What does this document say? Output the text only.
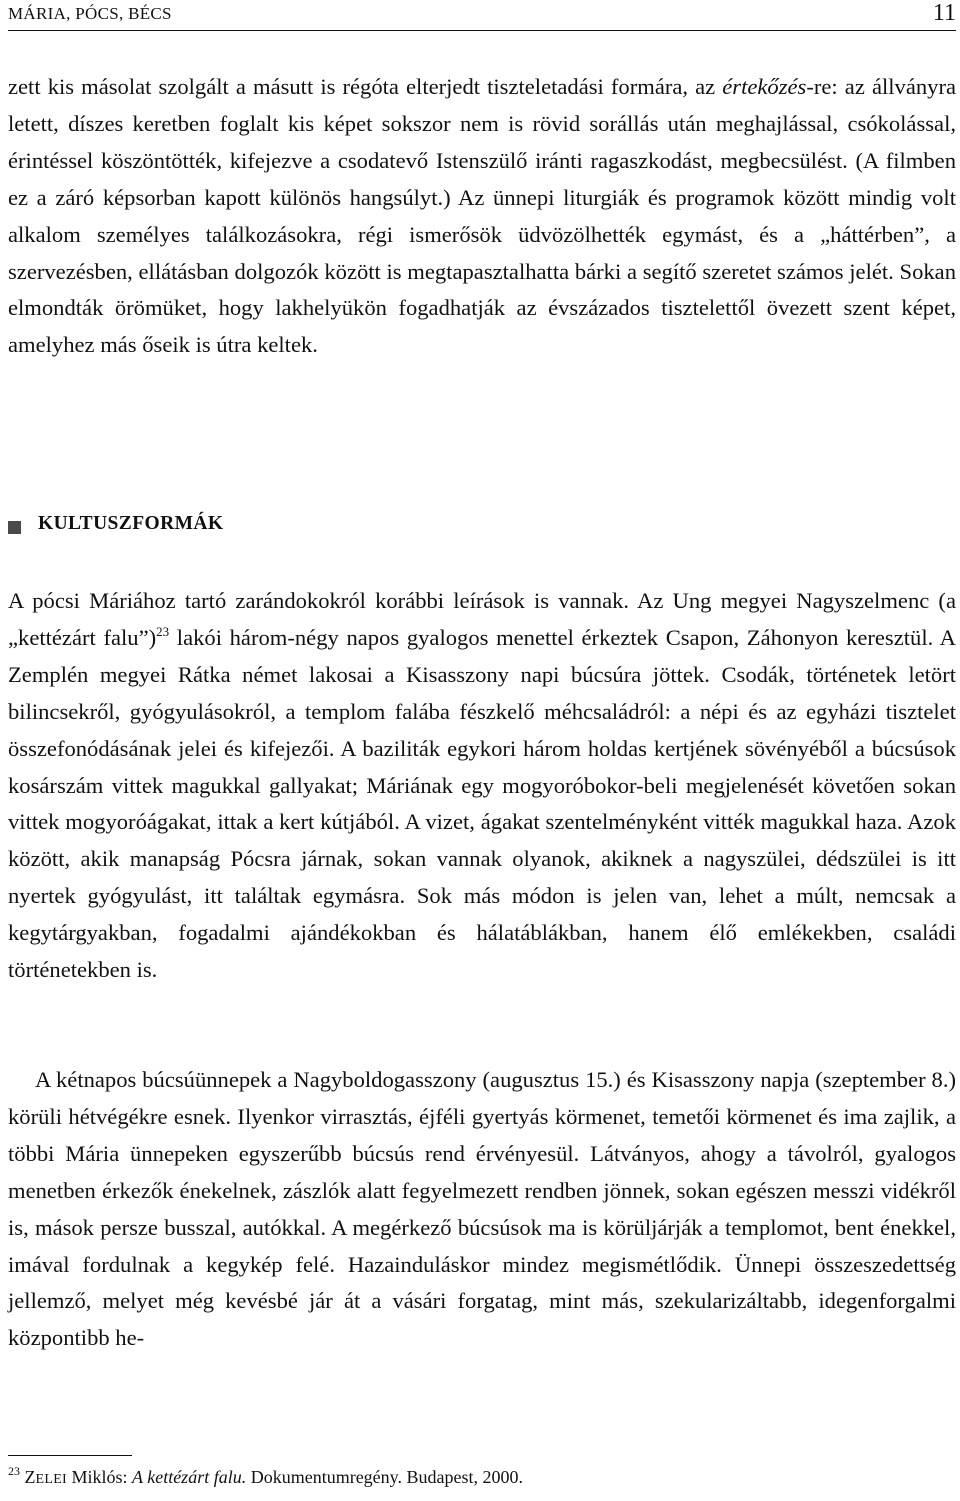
MÁRIA, PÓCS, BÉCS	11

zett kis másolat szolgált a másutt is régóta elterjedt tiszteletadási formára, az értekőzés-re: az állványra letett, díszes keretben foglalt kis képet sokszor nem is rövid sorállás után meghajlással, csókolással, érintéssel köszöntötték, kifejezve a csodatevő Istenszülő iránti ragaszkodást, megbecsülést. (A filmben ez a záró képsorban kapott különös hangsúlyt.) Az ünnepi liturgiák és programok között mindig volt alkalom személyes találkozásokra, régi ismerősök üdvözölhették egymást, és a „háttérben”, a szervezésben, ellátásban dolgozók között is megtapasztalhatta bárki a segítő szeretet számos jelét. Sokan elmondták örömüket, hogy lakhelyükön fogadhatják az évszázados tisztelettől övezett szent képet, amelyhez más őseik is útra keltek.

KULTUSZFORMÁK

A pócsi Máriához tartó zarándokokról korábbi leírások is vannak. Az Ung megyei Nagyszelmenc (a „kettézárt falu”)$^{23}$ lakói három-négy napos gyalogos menettel érkeztek Csapon, Záhonyon keresztül. A Zemplén megyei Rátka német lakosai a Kisasszony napi búcsúra jöttek. Csodák, történetek letört bilincsekről, gyógyulásokról, a templom falába fészkelő méhcsaládról: a népi és az egyházi tisztelet összefonódásának jelei és kifejezői. A baziliták egykori három holdas kertjének sövényéből a búcsúsok kosárszám vittek magukkal gallyakat; Máriának egy mogyoróbokor-beli megjelenését követően sokan vittek mogyoróágakat, ittak a kert kútjából. A vizet, ágakat szentelményként vitték magukkal haza. Azok között, akik manapság Pócsra járnak, sokan vannak olyanok, akiknek a nagyszülei, dédszülei is itt nyertek gyógyulást, itt találtak egymásra. Sok más módon is jelen van, lehet a múlt, nemcsak a kegytárgyakban, fogadalmi ajándékokban és hálatáblákban, hanem élő emlékekben, családi történetekben is.

A kétnapos búcsúünnepek a Nagyboldogasszony (augusztus 15.) és Kisasszony napja (szeptember 8.) körüli hétvégékre esnek. Ilyenkor virrasztás, éjféli gyertyás körmenet, temetői körmenet és ima zajlik, a többi Mária ünnepeken egyszerűbb búcsús rend érvényesül. Látványos, ahogy a távolról, gyalogos menetben érkezők énekelnek, zászlók alatt fegyelmezett rendben jönnek, sokan egészen messzi vidékről is, mások persze busszal, autókkal. A megérkező búcsúsok ma is körüljárják a templomot, bent énekkel, imával fordulnak a kegykép felé. Hazainduláskor mindez megismétlődik. Ünnepi összeszedettség jellemző, melyet még kevésbé jár át a vásári forgatag, mint más, szekularizáltabb, idegenforgalmi központibb he-

$^{23}$ ZELEI Miklós: A kettézárt falu. Dokumentumregény. Budapest, 2000.
